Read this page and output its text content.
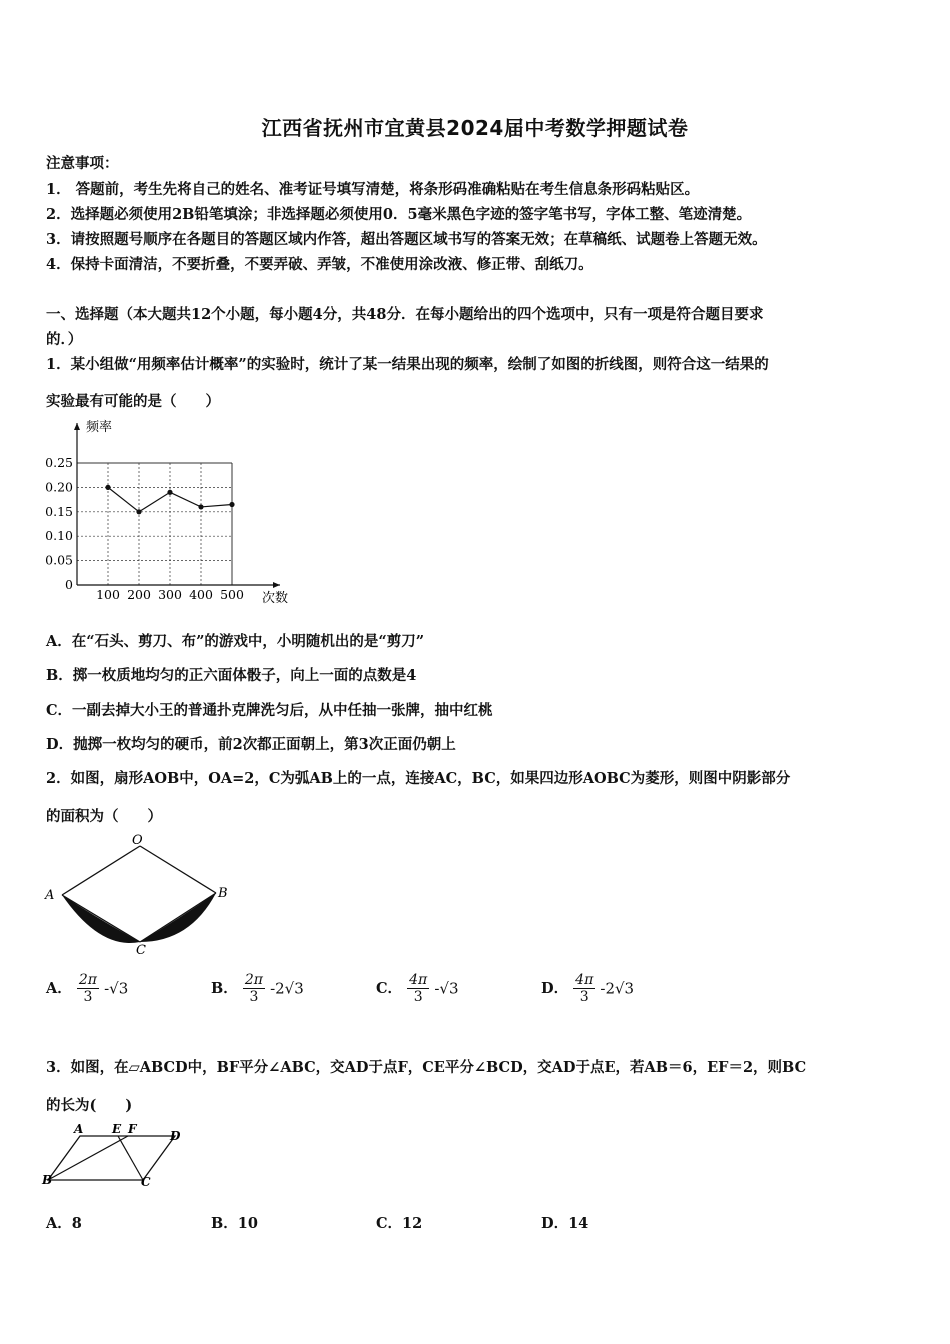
江西省抚州市宜黄县2024届中考数学押题试卷
注意事项：
1． 答题前，考生先将自己的姓名、准考证号填写清楚，将条形码准确粘贴在考生信息条形码粘贴区。
2．选择题必须使用2B铅笔填涂；非选择题必须使用0．5毫米黑色字迹的签字笔书写，字体工整、笔迹清楚。
3．请按照题号顺序在各题目的答题区域内作答，超出答题区域书写的答案无效；在草稿纸、试题卷上答题无效。
4．保持卡面清洁，不要折叠，不要弄破、弄皱，不准使用涂改液、修正带、刮纸刀。
一、选择题（本大题共12个小题，每小题4分，共48分．在每小题给出的四个选项中，只有一项是符合题目要求
的．）
1．某小组做“用频率估计概率”的实验时，统计了某一结果出现的频率，绘制了如图的折线图，则符合这一结果的
实验最有可能的是（　　）
0.25
0.20
0.15
0.10
0.05
0
100 200 300 400 500
频率
次数
A．在“石头、剪刀、布”的游戏中，小明随机出的是“剪刀”
B．掷一枚质地均匀的正六面体骰子，向上一面的点数是4
C．一副去掉大小王的普通扑克牌洗匀后，从中任抽一张牌，抽中红桃
D．抛掷一枚均匀的硬币，前2次都正面朝上，第3次正面仍朝上
2．如图，扇形AOB中，OA=2，C为弧AB上的一点，连接AC，BC，如果四边形AOBC为菱形，则图中阴影部分
的面积为（　　）
O
A	B
C
A． $\frac{2\pi}{3} -√3$	B． $\frac{2\pi}{3} -2√3$	C． $\frac{4\pi}{3} -√3$	D． $\frac{4\pi}{3} -2√3$
3．如图，在▱ABCD中，BF平分∠ABC，交AD于点F，CE平分∠BCD，交AD于点E，若AB＝6，EF＝2，则BC
的长为(　　)
A E F	D
B	C
A．8	B．10	C．12	D．14
